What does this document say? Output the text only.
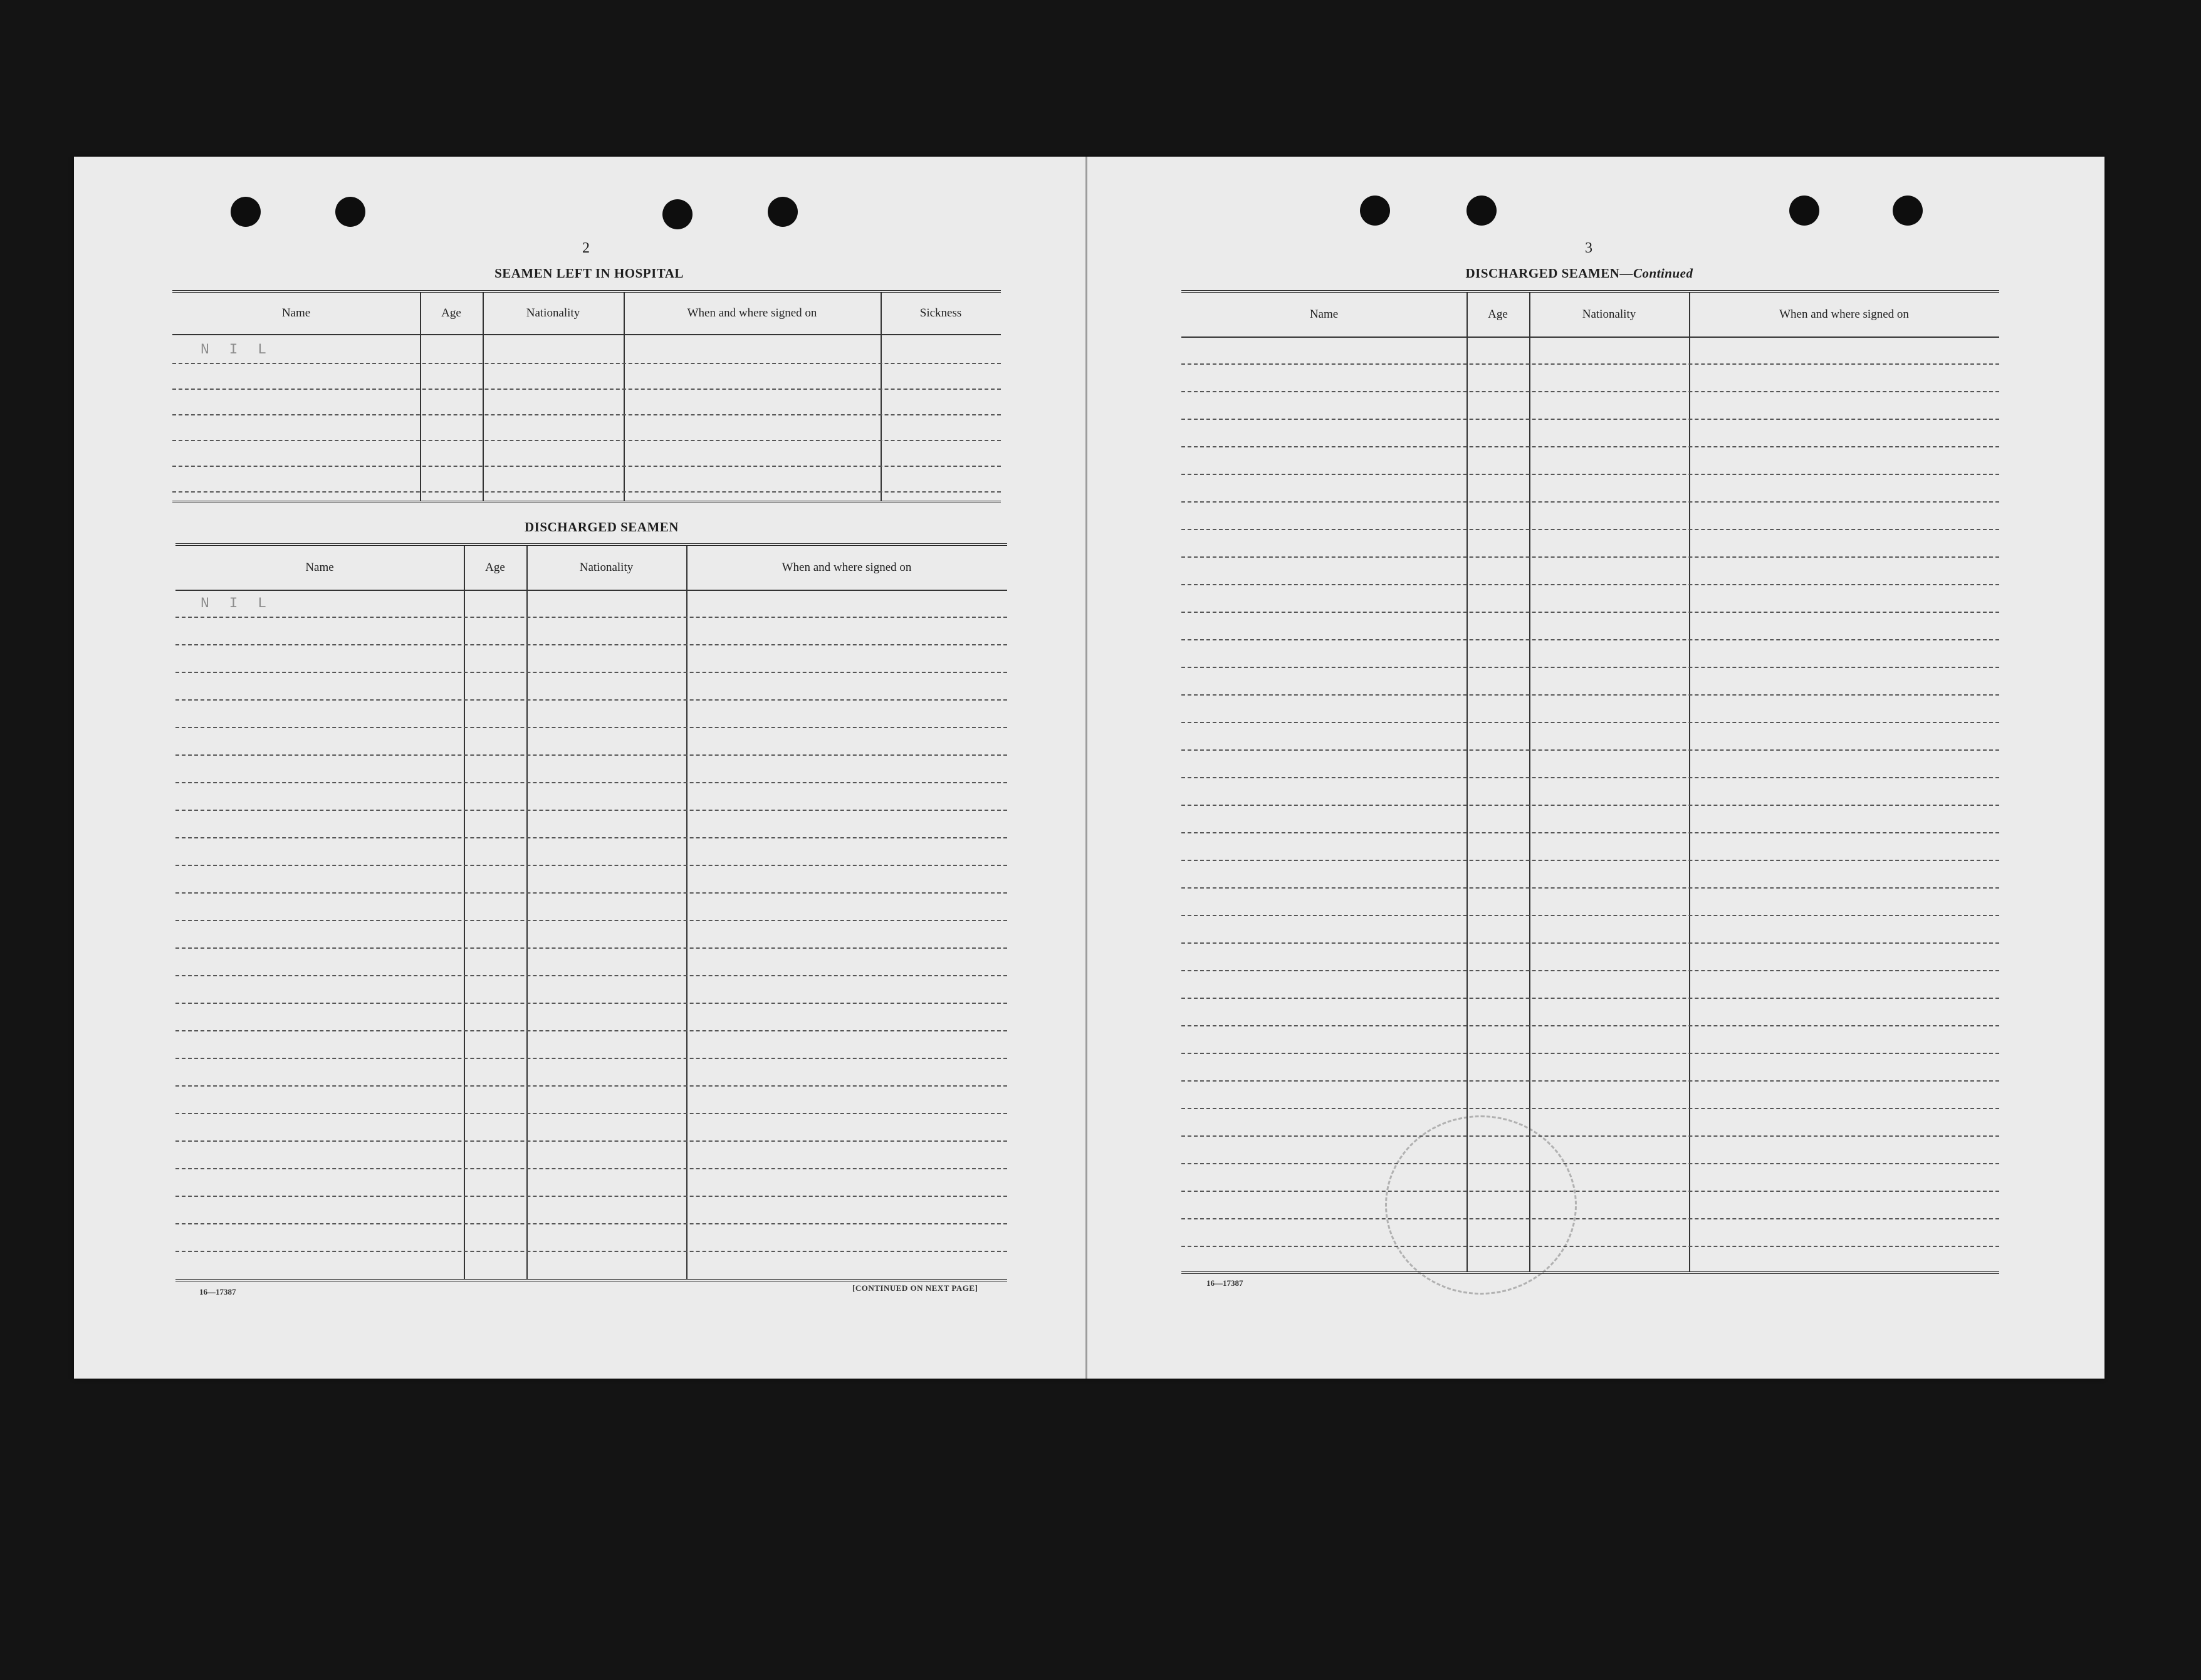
2
SEAMEN LEFT IN HOSPITAL
Name	Age	Nationality	When and where signed on	Sickness
N I L
DISCHARGED SEAMEN
Name	Age	Nationality	When and where signed on
N I L
16—17387	[CONTINUED ON NEXT PAGE]
3
DISCHARGED SEAMEN—Continued
Name	Age	Nationality	When and where signed on
16—17387
